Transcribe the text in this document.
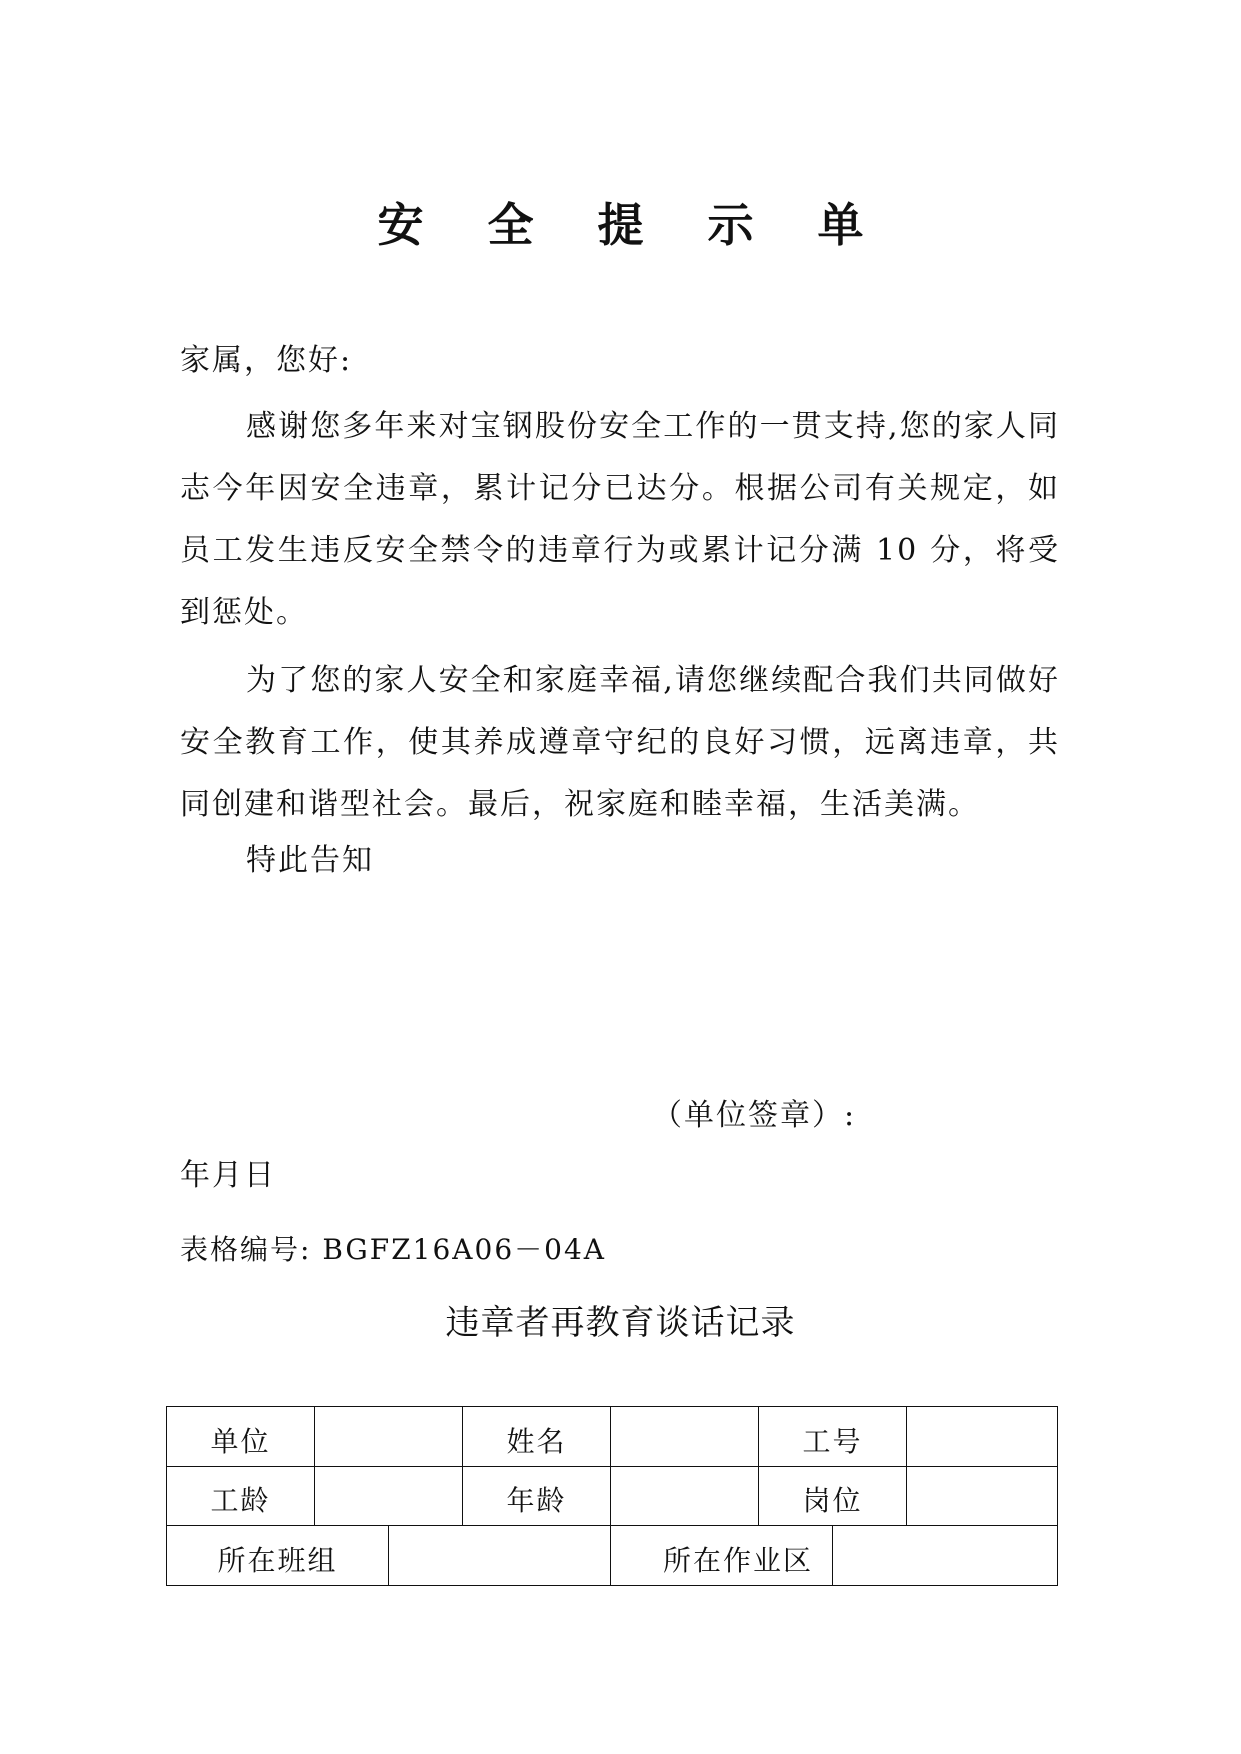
安 全 提 示 单
家属，您好:
感谢您多年来对宝钢股份安全工作的一贯支持,您的家人同志今年因安全违章，累计记分已达分。根据公司有关规定，如员工发生违反安全禁令的违章行为或累计记分满 10 分，将受到惩处。
为了您的家人安全和家庭幸福,请您继续配合我们共同做好安全教育工作，使其养成遵章守纪的良好习惯，远离违章，共同创建和谐型社会。最后，祝家庭和睦幸福，生活美满。
特此告知
（单位签章）:
年月日
表格编号: BGFZ16A06－04A
违章者再教育谈话记录
单位			姓名		工号		
工龄			年龄		岗位		
所在班组				所在作业区			
